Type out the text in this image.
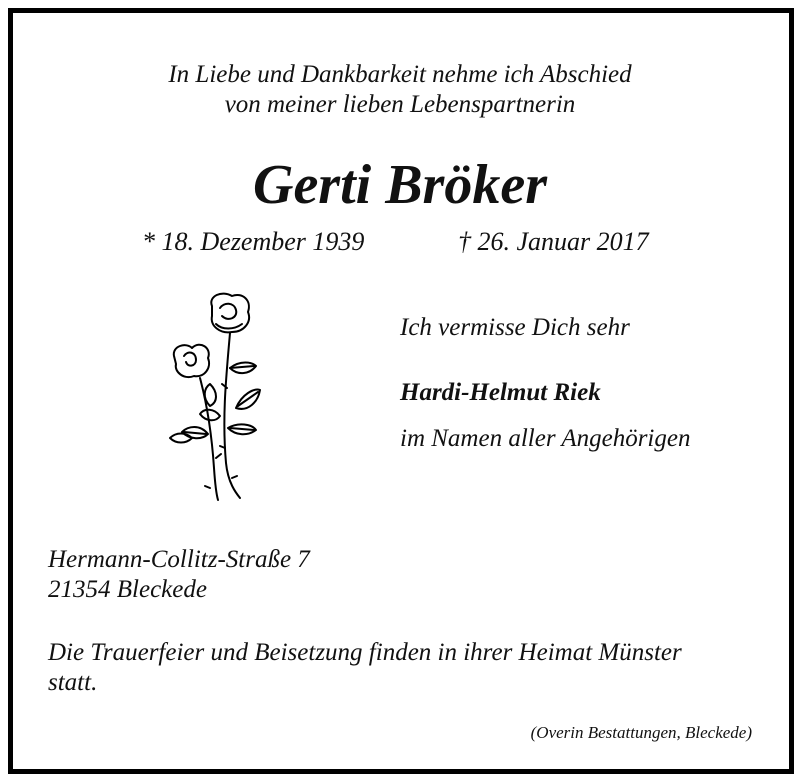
In Liebe und Dankbarkeit nehme ich Abschied
von meiner lieben Lebenspartnerin
Gerti Bröker
* 18. Dezember 1939	† 26. Januar 2017
Ich vermisse Dich sehr
Hardi-Helmut Riek
im Namen aller Angehörigen
Hermann-Collitz-Straße 7
21354 Bleckede
Die Trauerfeier und Beisetzung finden in ihrer Heimat Münster
statt.
(Overin Bestattungen, Bleckede)
